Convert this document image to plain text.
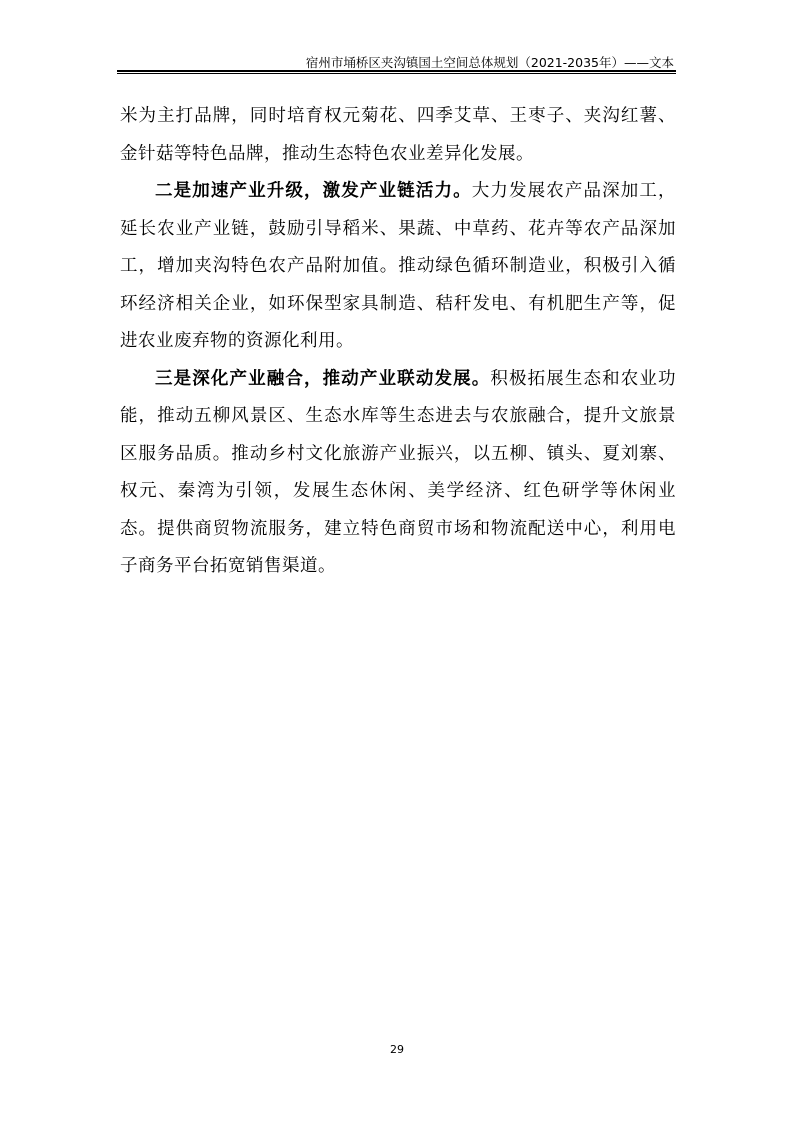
宿州市埇桥区夹沟镇国土空间总体规划（2021-2035年）——文本

米为主打品牌，同时培育权元菊花、四季艾草、王枣子、夹沟红薯、金针菇等特色品牌，推动生态特色农业差异化发展。

二是加速产业升级，激发产业链活力。大力发展农产品深加工，延长农业产业链，鼓励引导稻米、果蔬、中草药、花卉等农产品深加工，增加夹沟特色农产品附加值。推动绿色循环制造业，积极引入循环经济相关企业，如环保型家具制造、秸秆发电、有机肥生产等，促进农业废弃物的资源化利用。

三是深化产业融合，推动产业联动发展。积极拓展生态和农业功能，推动五柳风景区、生态水库等生态进去与农旅融合，提升文旅景区服务品质。推动乡村文化旅游产业振兴，以五柳、镇头、夏刘寨、权元、秦湾为引领，发展生态休闲、美学经济、红色研学等休闲业态。提供商贸物流服务，建立特色商贸市场和物流配送中心，利用电子商务平台拓宽销售渠道。

29
